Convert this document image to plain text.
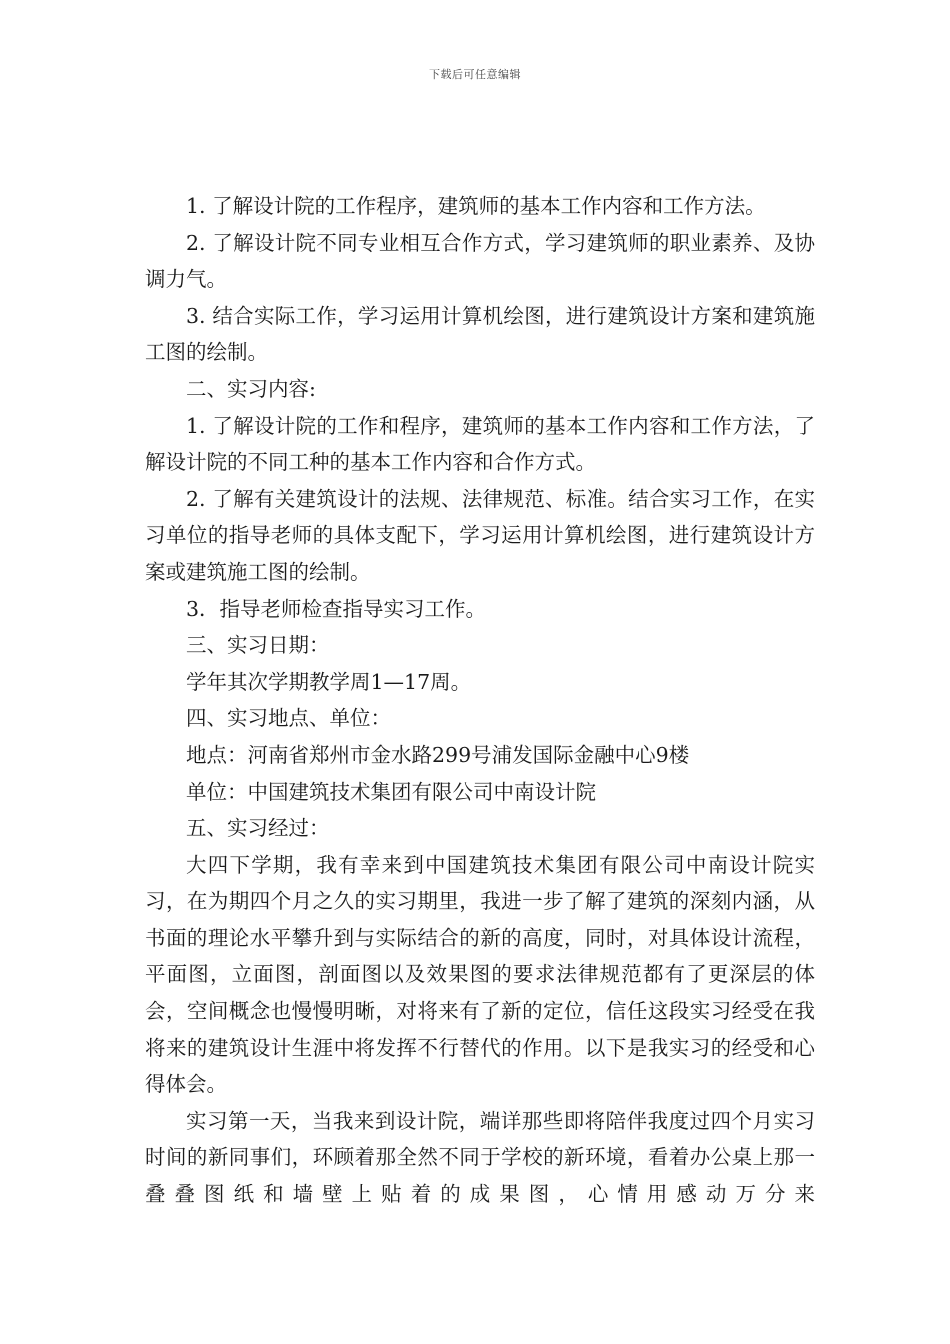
下载后可任意编辑

1. 了解设计院的工作程序，建筑师的基本工作内容和工作方法。

2. 了解设计院不同专业相互合作方式，学习建筑师的职业素养、及协调力气。

3. 结合实际工作，学习运用计算机绘图，进行建筑设计方案和建筑施工图的绘制。

二、实习内容:

1. 了解设计院的工作和程序，建筑师的基本工作内容和工作方法，了解设计院的不同工种的基本工作内容和合作方式。

2. 了解有关建筑设计的法规、法律规范、标准。结合实习工作，在实习单位的指导老师的具体支配下，学习运用计算机绘图，进行建筑设计方案或建筑施工图的绘制。

3．指导老师检查指导实习工作。

三、实习日期：

学年其次学期教学周1—17周。

四、实习地点、单位：

地点：河南省郑州市金水路299号浦发国际金融中心9楼

单位：中国建筑技术集团有限公司中南设计院

五、实习经过：

大四下学期，我有幸来到中国建筑技术集团有限公司中南设计院实习，在为期四个月之久的实习期里，我进一步了解了建筑的深刻内涵，从书面的理论水平攀升到与实际结合的新的高度，同时，对具体设计流程，平面图，立面图，剖面图以及效果图的要求法律规范都有了更深层的体会，空间概念也慢慢明晰，对将来有了新的定位，信任这段实习经受在我将来的建筑设计生涯中将发挥不行替代的作用。以下是我实习的经受和心得体会。

实习第一天，当我来到设计院，端详那些即将陪伴我度过四个月实习时间的新同事们，环顾着那全然不同于学校的新环境，看着办公桌上那一叠叠图纸和墙壁上贴着的成果图，心情用感动万分来
